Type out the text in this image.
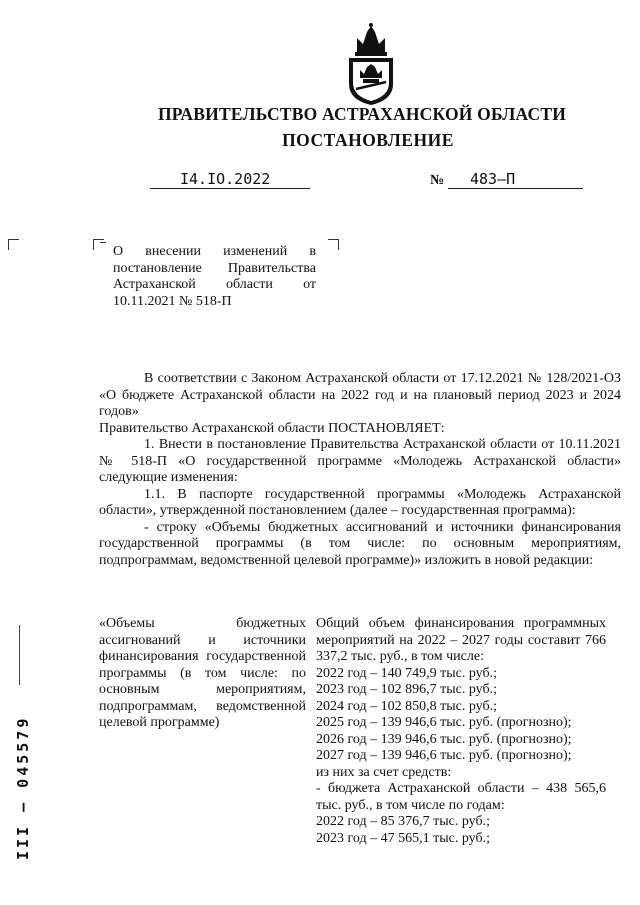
ПРАВИТЕЛЬСТВО АСТРАХАНСКОЙ ОБЛАСТИ
ПОСТАНОВЛЕНИЕ
I4.IO.2022	№ 483–П
О внесении изменений в постановление Правительства Астраханской области от 10.11.2021 № 518-П

В соответствии с Законом Астраханской области от 17.12.2021 № 128/2021-ОЗ «О бюджете Астраханской области на 2022 год и на плановый период 2023 и 2024 годов»

Правительство Астраханской области ПОСТАНОВЛЯЕТ:

1. Внести в постановление Правительства Астраханской области от 10.11.2021 № 518-П «О государственной программе «Молодежь Астраханской области» следующие изменения:

1.1. В паспорте государственной программы «Молодежь Астраханской области», утвержденной постановлением (далее – государственная программа):

- строку «Объемы бюджетных ассигнований и источники финансирования государственной программы (в том числе: по основным мероприятиям, подпрограммам, ведомственной целевой программе)» изложить в новой редакции:

«Объемы бюджетных ассигнований и источники финансирования государственной программы (в том числе: по основным мероприятиям, подпрограммам, ведомственной целевой программе)

Общий объем финансирования программных мероприятий на 2022 – 2027 годы составит 766 337,2 тыс. руб., в том числе:

2022 год – 140 749,9 тыс. руб.;

2023 год – 102 896,7 тыс. руб.;

2024 год – 102 850,8 тыс. руб.;

2025 год – 139 946,6 тыс. руб. (прогнозно);

2026 год – 139 946,6 тыс. руб. (прогнозно);

2027 год – 139 946,6 тыс. руб. (прогнозно);

из них за счет средств:

- бюджета Астраханской области – 438 565,6 тыс. руб., в том числе по годам:

2022 год – 85 376,7 тыс. руб.;

2023 год – 47 565,1 тыс. руб.;

III – 045579
